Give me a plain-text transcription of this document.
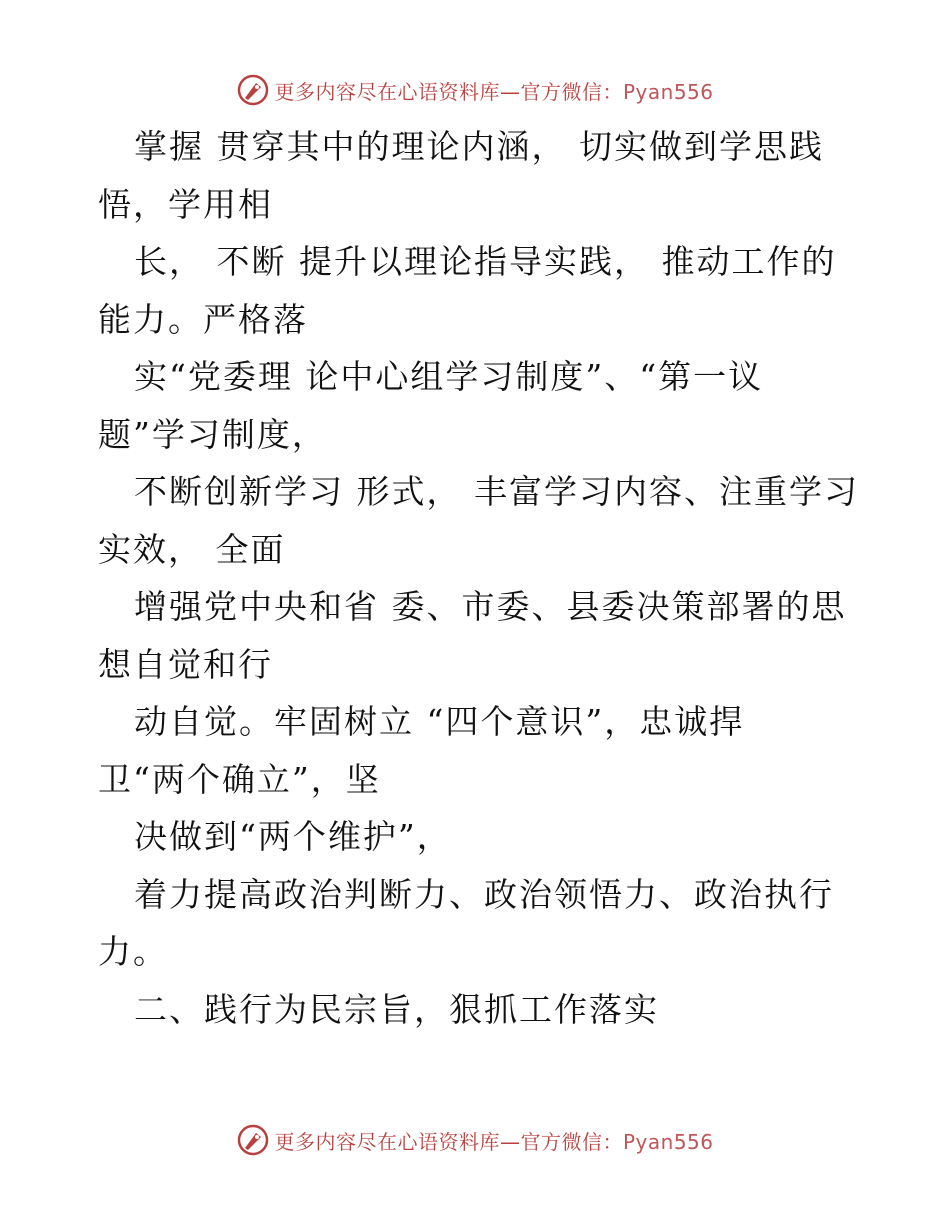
更多内容尽在心语资料库—官方微信：Pyan556
掌握 贯穿其中的理论内涵， 切实做到学思践
悟，学用相
长， 不断 提升以理论指导实践， 推动工作的
能力。严格落
实“党委理 论中心组学习制度”、“第一议
题”学习制度，
不断创新学习 形式， 丰富学习内容、注重学习
实效， 全面
增强党中央和省 委、市委、县委决策部署的思
想自觉和行
动自觉。牢固树立 “四个意识”，忠诚捍
卫“两个确立”，坚
决做到“两个维护”，
着力提高政治判断力、政治领悟力、政治执行
力。
二、践行为民宗旨，狠抓工作落实
更多内容尽在心语资料库—官方微信：Pyan556
